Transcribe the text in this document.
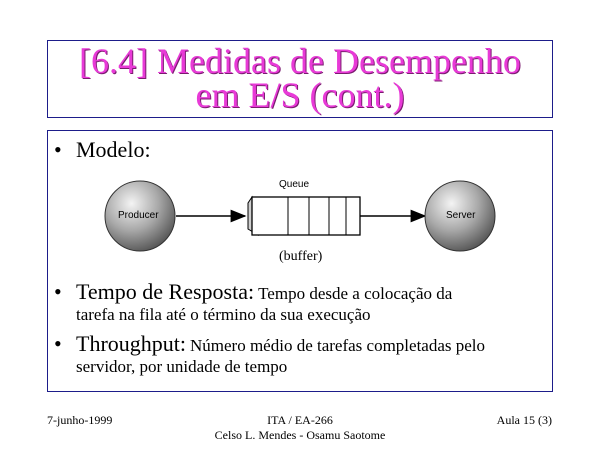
[6.4] Medidas de Desempenho
em E/S (cont.)
• Modelo:
Producer
Queue
Server
(buffer)
• Tempo de Resposta: Tempo desde a colocação da
tarefa na fila até o término da sua execução
• Throughput: Número médio de tarefas completadas pelo
servidor, por unidade de tempo
7-junho-1999	ITA / EA-266
Celso L. Mendes - Osamu Saotome
Aula 15 (3)
